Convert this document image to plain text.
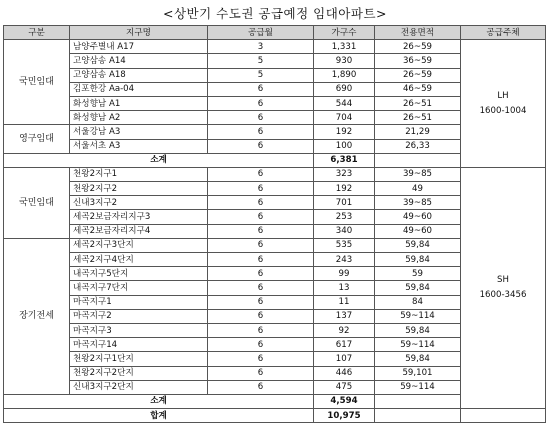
<상반기 수도권 공급예정 임대아파트>
구분	지구명	공급월	가구수	전용면적	공급주체
국민임대	남양주별내 A17	3	1,331	26~59	LH
1600-1004

	고양삼송 A14	5	930	36~59	
	고양삼송 A18	5	1,890	26~59	
	김포한강 Aa-04	6	690	46~59	
	화성향남 A1	6	544	26~51	
	화성향남 A2	6	704	26~51	
영구임대	서울강남 A3	6	192	21,29	
	서울서초 A3	6	100	26,33	
소계			6,381		
국민임대	천왕2지구1	6	323	39~85	SH
1600-3456

	천왕2지구2	6	192	49	
	신내3지구2	6	701	39~85	
	세곡2보금자리지구3	6	253	49~60	
	세곡2보금자리지구4	6	340	49~60	
장기전세	세곡2지구3단지	6	535	59,84	
	세곡2지구4단지	6	243	59,84	
	내곡지구5단지	6	99	59	
	내곡지구7단지	6	13	59,84	
	마곡지구1	6	11	84	
	마곡지구2	6	137	59~114	
	마곡지구3	6	92	59,84	
	마곡지구14	6	617	59~114	
	천왕2지구1단지	6	107	59,84	
	천왕2지구2단지	6	446	59,101	
	신내3지구2단지	6	475	59~114	
소계			4,594		
합계			10,975		
